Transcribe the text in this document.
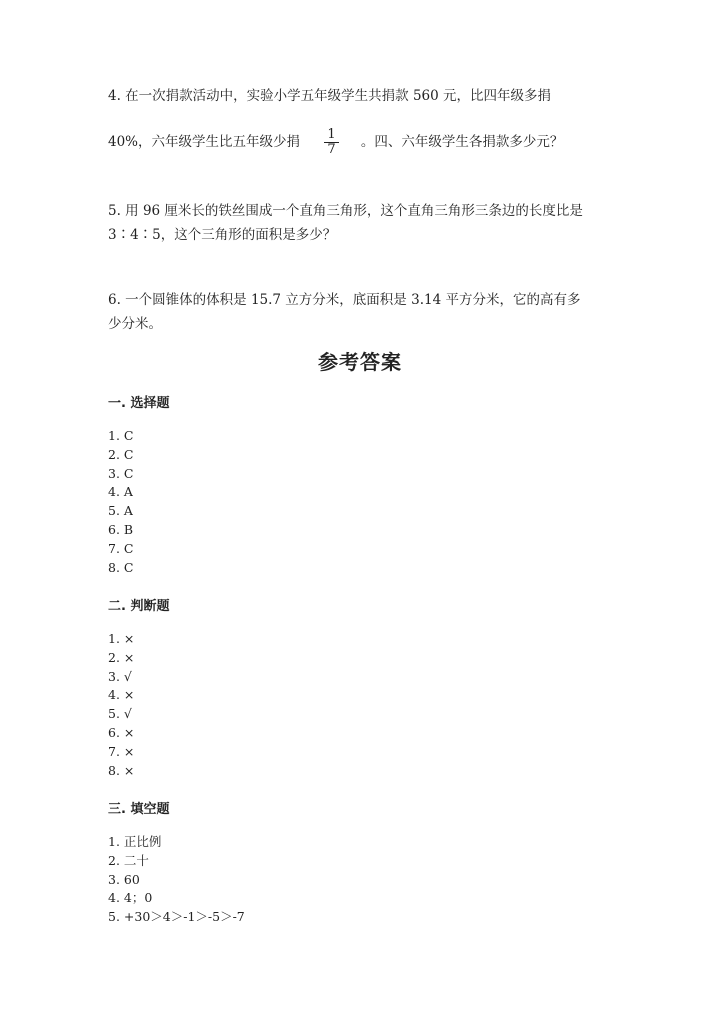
4. 在一次捐款活动中，实验小学五年级学生共捐款 560 元，比四年级多捐

40%，六年级学生比五年级少捐 $\frac{1}{7}$ 。四、六年级学生各捐款多少元？

5. 用 96 厘米长的铁丝围成一个直角三角形，这个直角三角形三条边的长度比是

3∶4∶5，这个三角形的面积是多少？

6. 一个圆锥体的体积是 15.7 立方分米，底面积是 3.14 平方分米，它的高有多

少分米。

参考答案
一. 选择题
1. C
2. C
3. C
4. A
5. A
6. B
7. C
8. C
二. 判断题
1. ×
2. ×
3. √
4. ×
5. √
6. ×
7. ×
8. ×
三. 填空题
1. 正比例
2. 二十
3. 60
4. 4；0
5. +30＞4＞-1＞-5＞-7
